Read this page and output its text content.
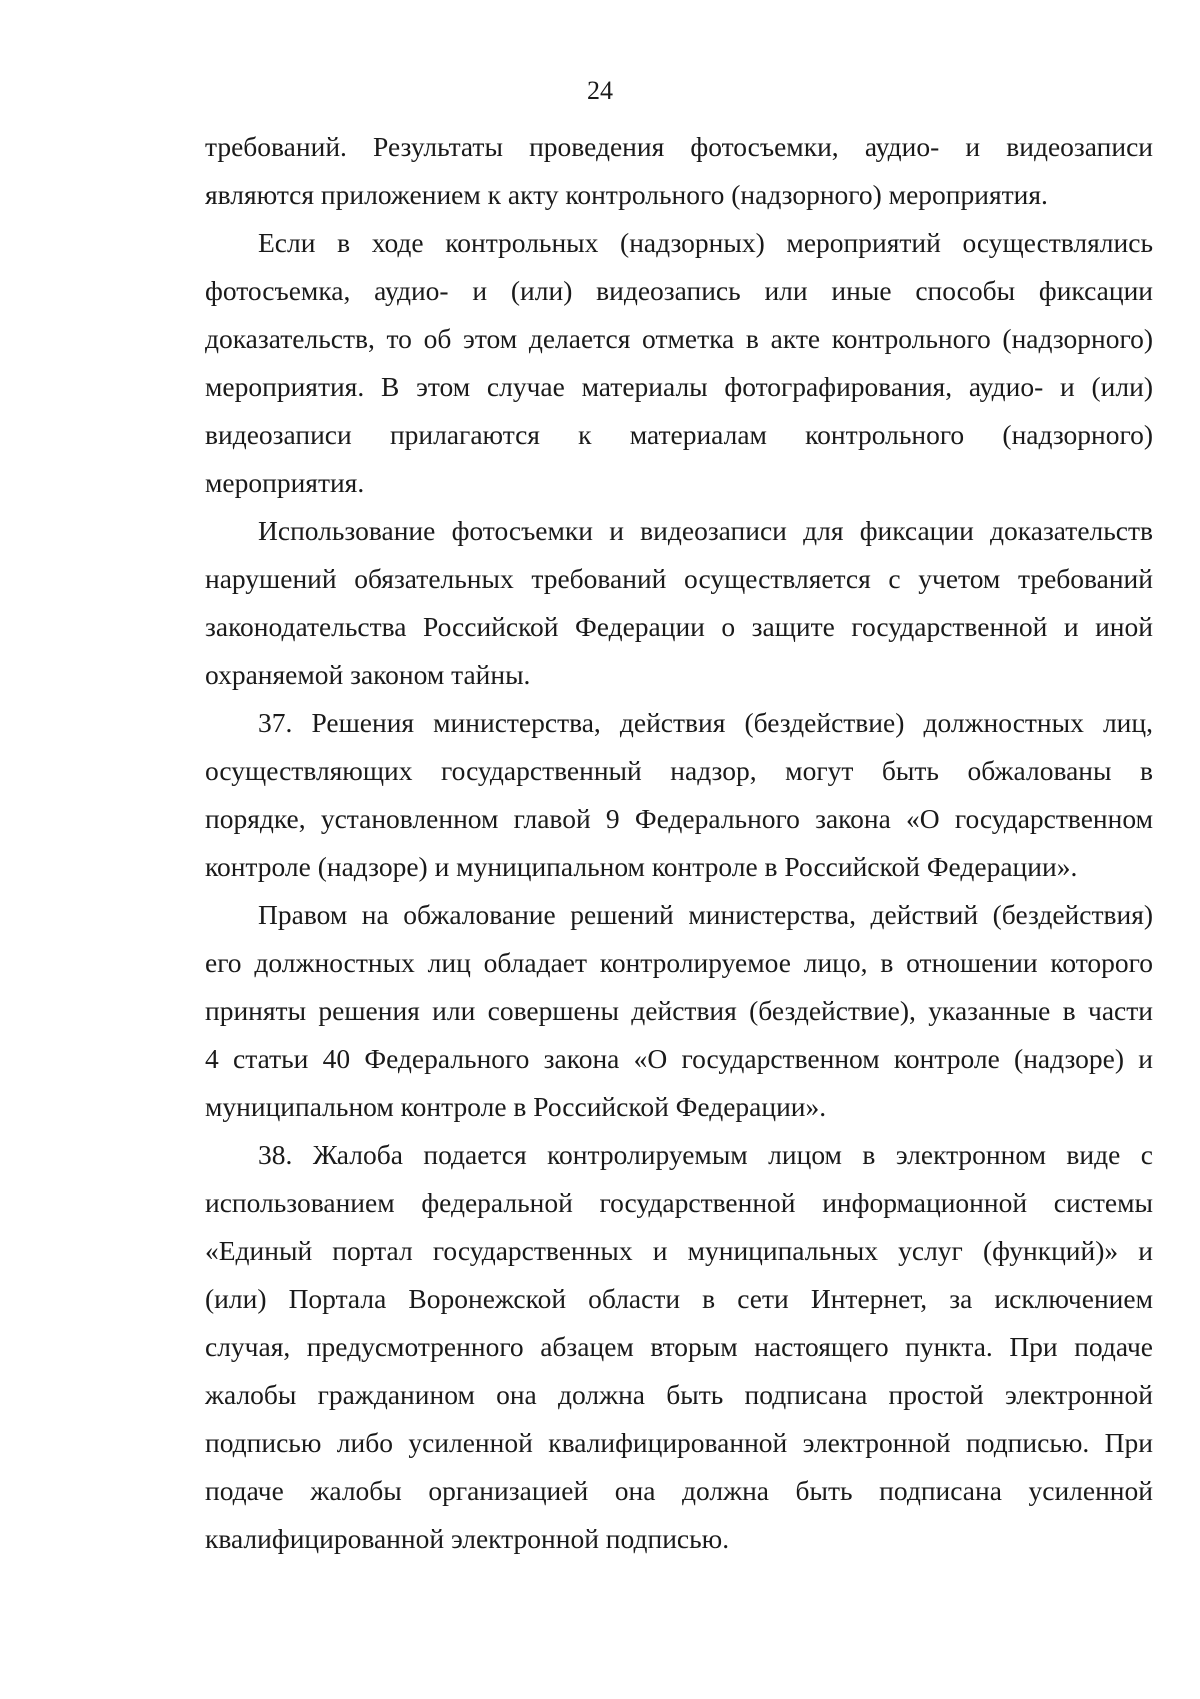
24
требований. Результаты проведения фотосъемки, аудио- и видеозаписи
являются приложением к акту контрольного (надзорного) мероприятия.
Если в ходе контрольных (надзорных) мероприятий осуществлялись
фотосъемка, аудио- и (или) видеозапись или иные способы фиксации
доказательств, то об этом делается отметка в акте контрольного (надзорного)
мероприятия. В этом случае материалы фотографирования, аудио- и (или)
видеозаписи прилагаются к материалам контрольного (надзорного)
мероприятия.
Использование фотосъемки и видеозаписи для фиксации доказательств
нарушений обязательных требований осуществляется с учетом требований
законодательства Российской Федерации о защите государственной и иной
охраняемой законом тайны.
37. Решения министерства, действия (бездействие) должностных лиц,
осуществляющих государственный надзор, могут быть обжалованы в
порядке, установленном главой 9 Федерального закона «О государственном
контроле (надзоре) и муниципальном контроле в Российской Федерации».
Правом на обжалование решений министерства, действий (бездействия)
его должностных лиц обладает контролируемое лицо, в отношении которого
приняты решения или совершены действия (бездействие), указанные в части
4 статьи 40 Федерального закона «О государственном контроле (надзоре) и
муниципальном контроле в Российской Федерации».
38. Жалоба подается контролируемым лицом в электронном виде с
использованием федеральной государственной информационной системы
«Единый портал государственных и муниципальных услуг (функций)» и
(или) Портала Воронежской области в сети Интернет, за исключением
случая, предусмотренного абзацем вторым настоящего пункта. При подаче
жалобы гражданином она должна быть подписана простой электронной
подписью либо усиленной квалифицированной электронной подписью. При
подаче жалобы организацией она должна быть подписана усиленной
квалифицированной электронной подписью.
